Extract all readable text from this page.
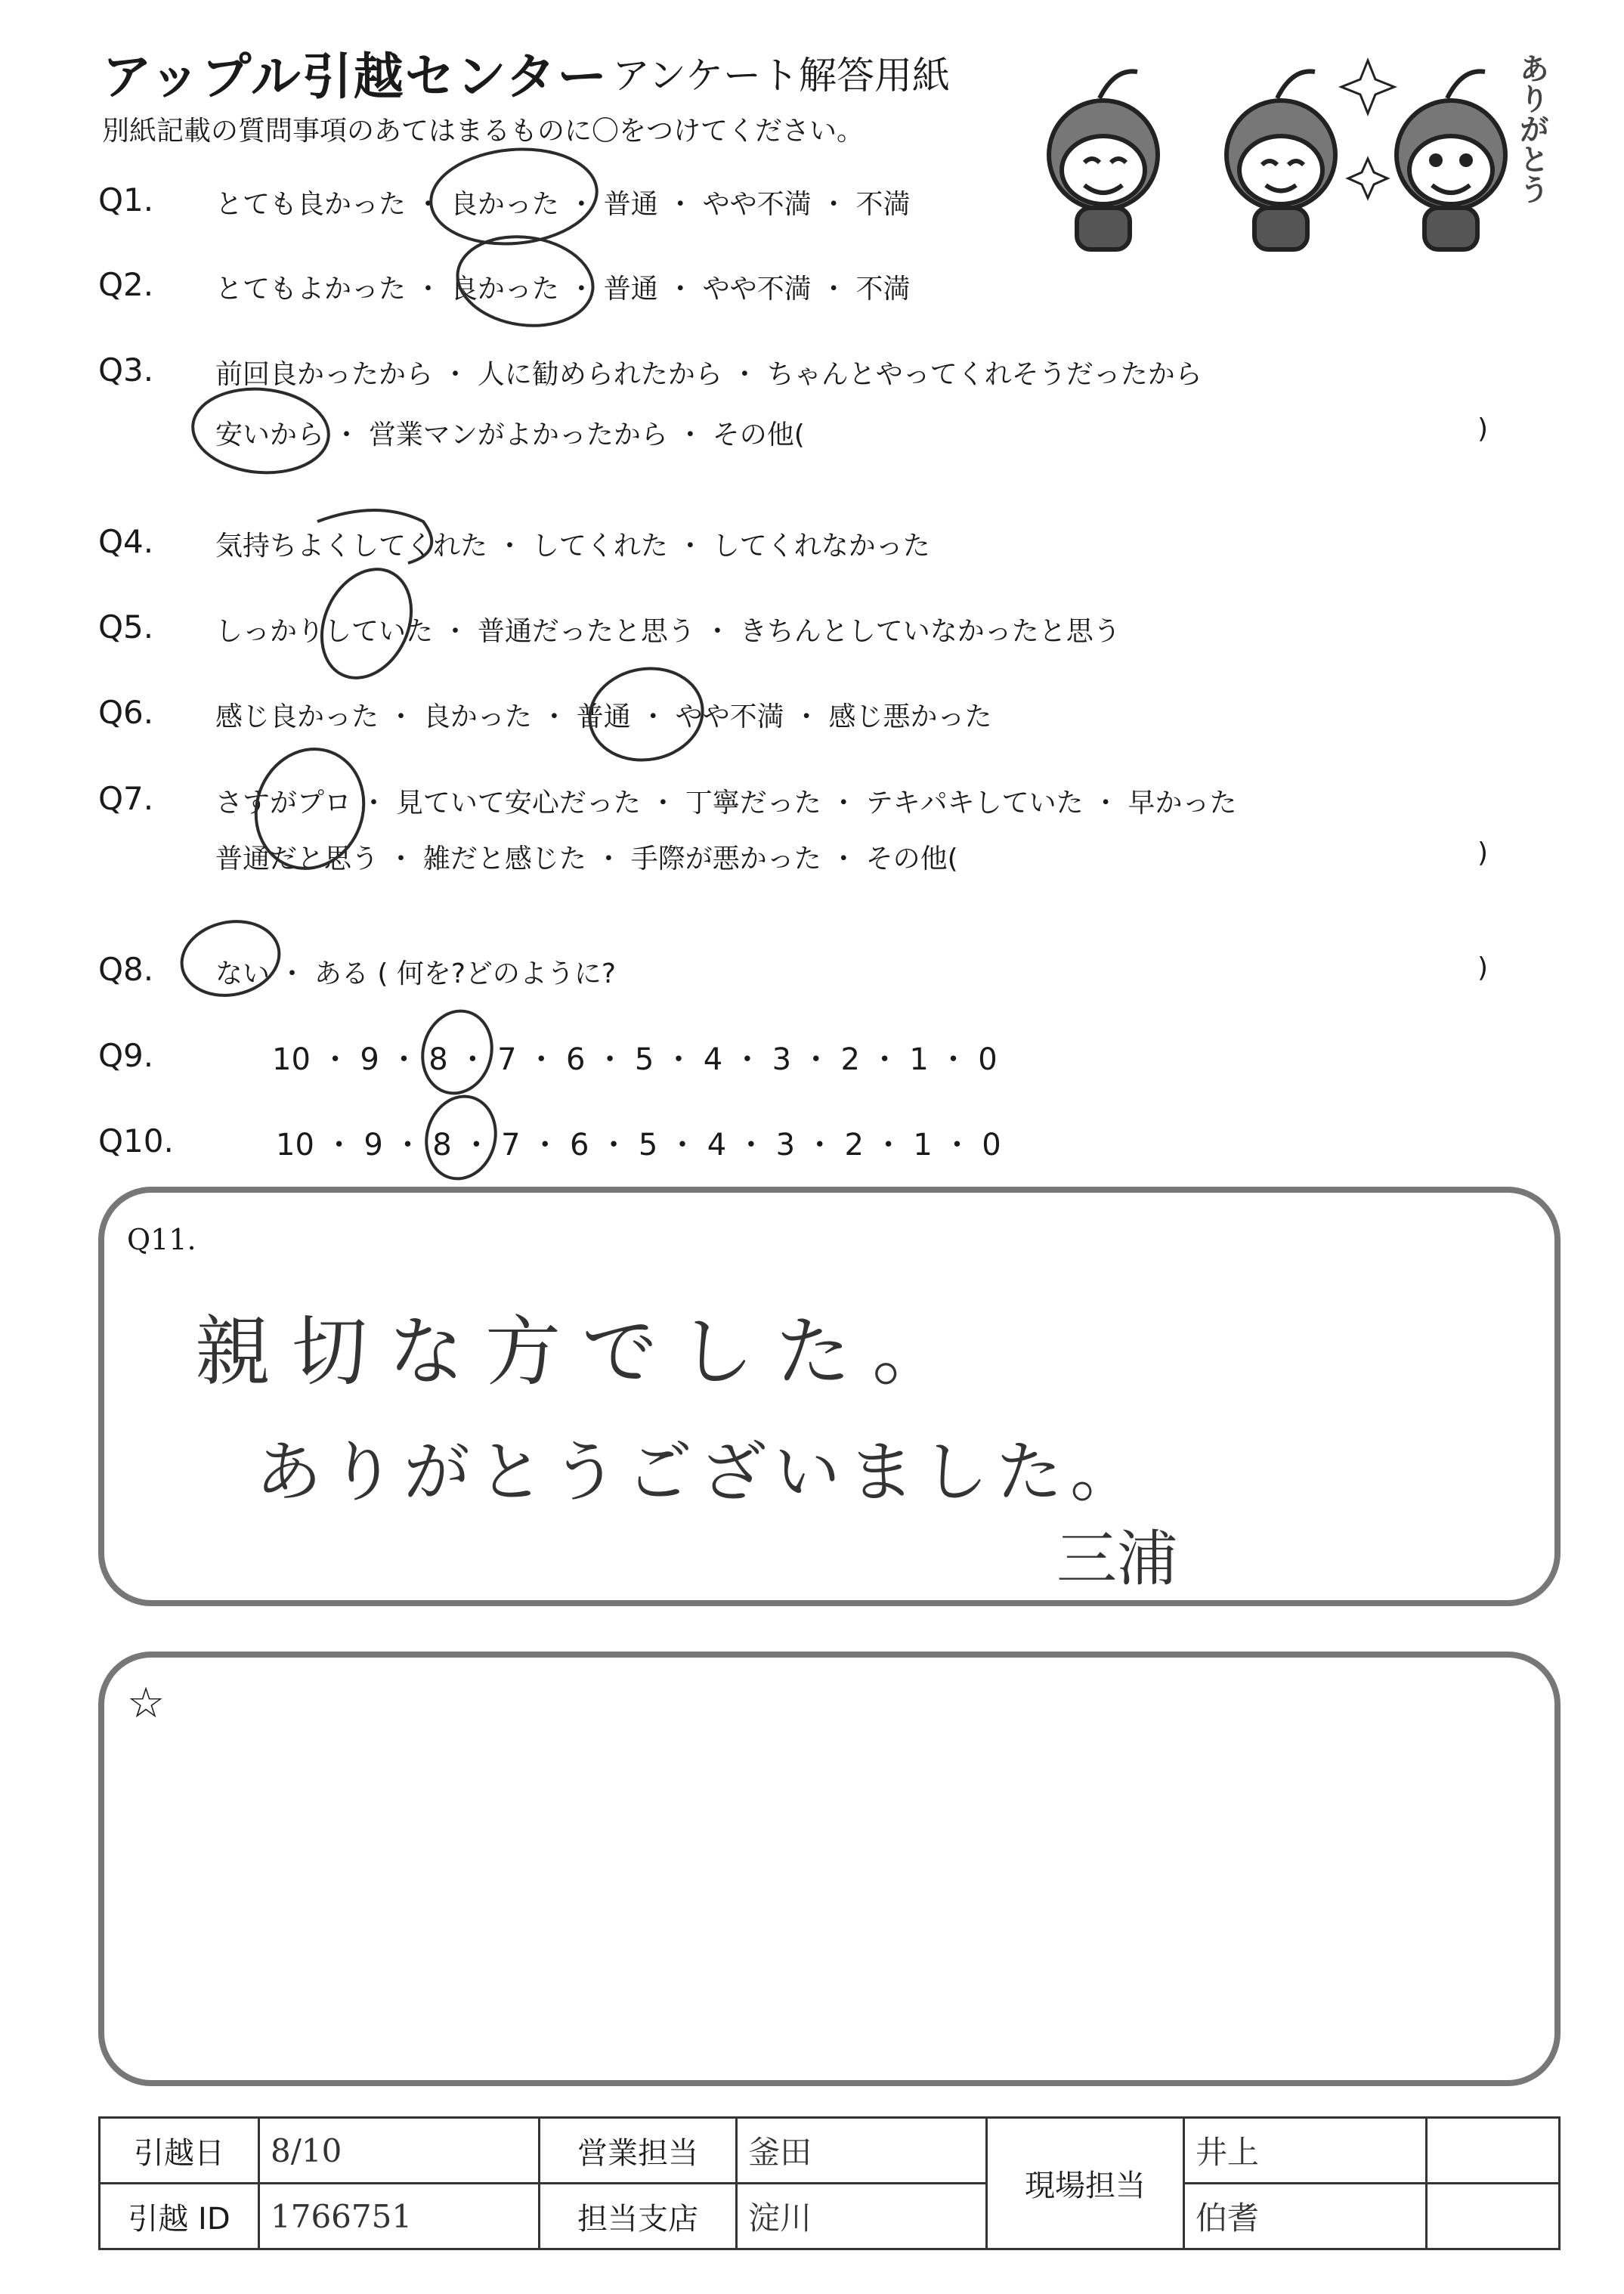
アップル引越センター アンケート解答用紙
別紙記載の質問事項のあてはまるものに〇をつけてください。	ありがとう
Q1. とても良かった ・ 良かった ・ 普通 ・ やや不満 ・ 不満
Q2. とてもよかった ・ 良かった ・ 普通 ・ やや不満 ・ 不満
Q3. 前回良かったから ・ 人に勧められたから ・ ちゃんとやってくれそうだったから
安いから ・ 営業マンがよかったから ・ その他(	)
Q4. 気持ちよくしてくれた ・ してくれた ・ してくれなかった
Q5. しっかりしていた ・ 普通だったと思う ・ きちんとしていなかったと思う
Q6. 感じ良かった ・ 良かった ・ 普通 ・ やや不満 ・ 感じ悪かった
Q7. さすがプロ ・ 見ていて安心だった ・ 丁寧だった ・ テキパキしていた ・ 早かった
普通だと思う ・ 雑だと感じた ・ 手際が悪かった ・ その他(	)
Q8. ない ・ ある ( 何を?どのように?	)
Q9.	10 ・ 9 ・ 8 ・ 7 ・ 6 ・ 5 ・ 4 ・ 3 ・ 2 ・ 1 ・ 0
Q10.	10 ・ 9 ・ 8 ・ 7 ・ 6 ・ 5 ・ 4 ・ 3 ・ 2 ・ 1 ・ 0
Q11.
親切な方でした。
ありがとうございました。
三浦
☆
引越日	8/10	営業担当	釜田	現場担当	井上	
引越 ID	1766751	担当支店	淀川		伯耆	
